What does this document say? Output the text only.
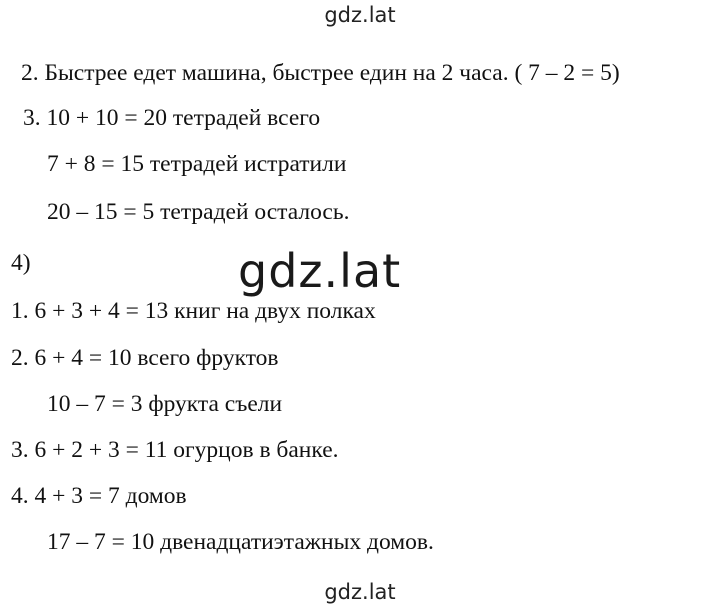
gdz.lat
2. Быстрее едет машина, быстрее един на 2 часа. ( 7 – 2 = 5)
3. 10 + 10 = 20 тетрадей всего
7 + 8 = 15 тетрадей истратили
20 – 15 = 5 тетрадей осталось.
4)	gdz.lat
1. 6 + 3 + 4 = 13 книг на двух полках
2. 6 + 4 = 10 всего фруктов
10 – 7 = 3 фрукта съели
3. 6 + 2 + 3 = 11 огурцов в банке.
4. 4 + 3 = 7 домов
17 – 7 = 10 двенадцатиэтажных домов.
gdz.lat
